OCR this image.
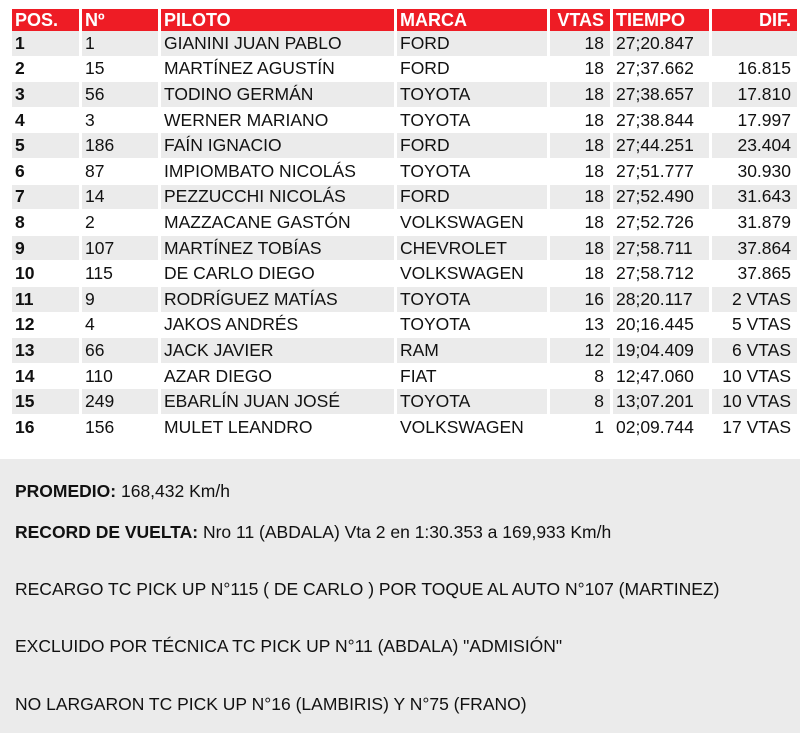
POS.	Nº	PILOTO	MARCA	VTAS	TIEMPO	DIF.
1	1	GIANINI JUAN PABLO	FORD	18	27;20.847	
2	15	MARTÍNEZ AGUSTÍN	FORD	18	27;37.662	16.815
3	56	TODINO GERMÁN	TOYOTA	18	27;38.657	17.810
4	3	WERNER MARIANO	TOYOTA	18	27;38.844	17.997
5	186	FAÍN IGNACIO	FORD	18	27;44.251	23.404
6	87	IMPIOMBATO NICOLÁS	TOYOTA	18	27;51.777	30.930
7	14	PEZZUCCHI NICOLÁS	FORD	18	27;52.490	31.643
8	2	MAZZACANE GASTÓN	VOLKSWAGEN	18	27;52.726	31.879
9	107	MARTÍNEZ TOBÍAS	CHEVROLET	18	27;58.711	37.864
10	115	DE CARLO DIEGO	VOLKSWAGEN	18	27;58.712	37.865
11	9	RODRÍGUEZ MATÍAS	TOYOTA	16	28;20.117	2 VTAS
12	4	JAKOS ANDRÉS	TOYOTA	13	20;16.445	5 VTAS
13	66	JACK JAVIER	RAM	12	19;04.409	6 VTAS
14	110	AZAR DIEGO	FIAT	8	12;47.060	10 VTAS
15	249	EBARLÍN JUAN JOSÉ	TOYOTA	8	13;07.201	10 VTAS
16	156	MULET LEANDRO	VOLKSWAGEN	1	02;09.744	17 VTAS
PROMEDIO: 168,432 Km/h
RECORD DE VUELTA: Nro 11 (ABDALA) Vta 2 en 1:30.353 a 169,933 Km/h
RECARGO TC PICK UP N°115 ( DE CARLO ) POR TOQUE AL AUTO N°107 (MARTINEZ)
EXCLUIDO POR TÉCNICA TC PICK UP N°11 (ABDALA) "ADMISIÓN"
NO LARGARON TC PICK UP N°16 (LAMBIRIS) Y N°75 (FRANO)
